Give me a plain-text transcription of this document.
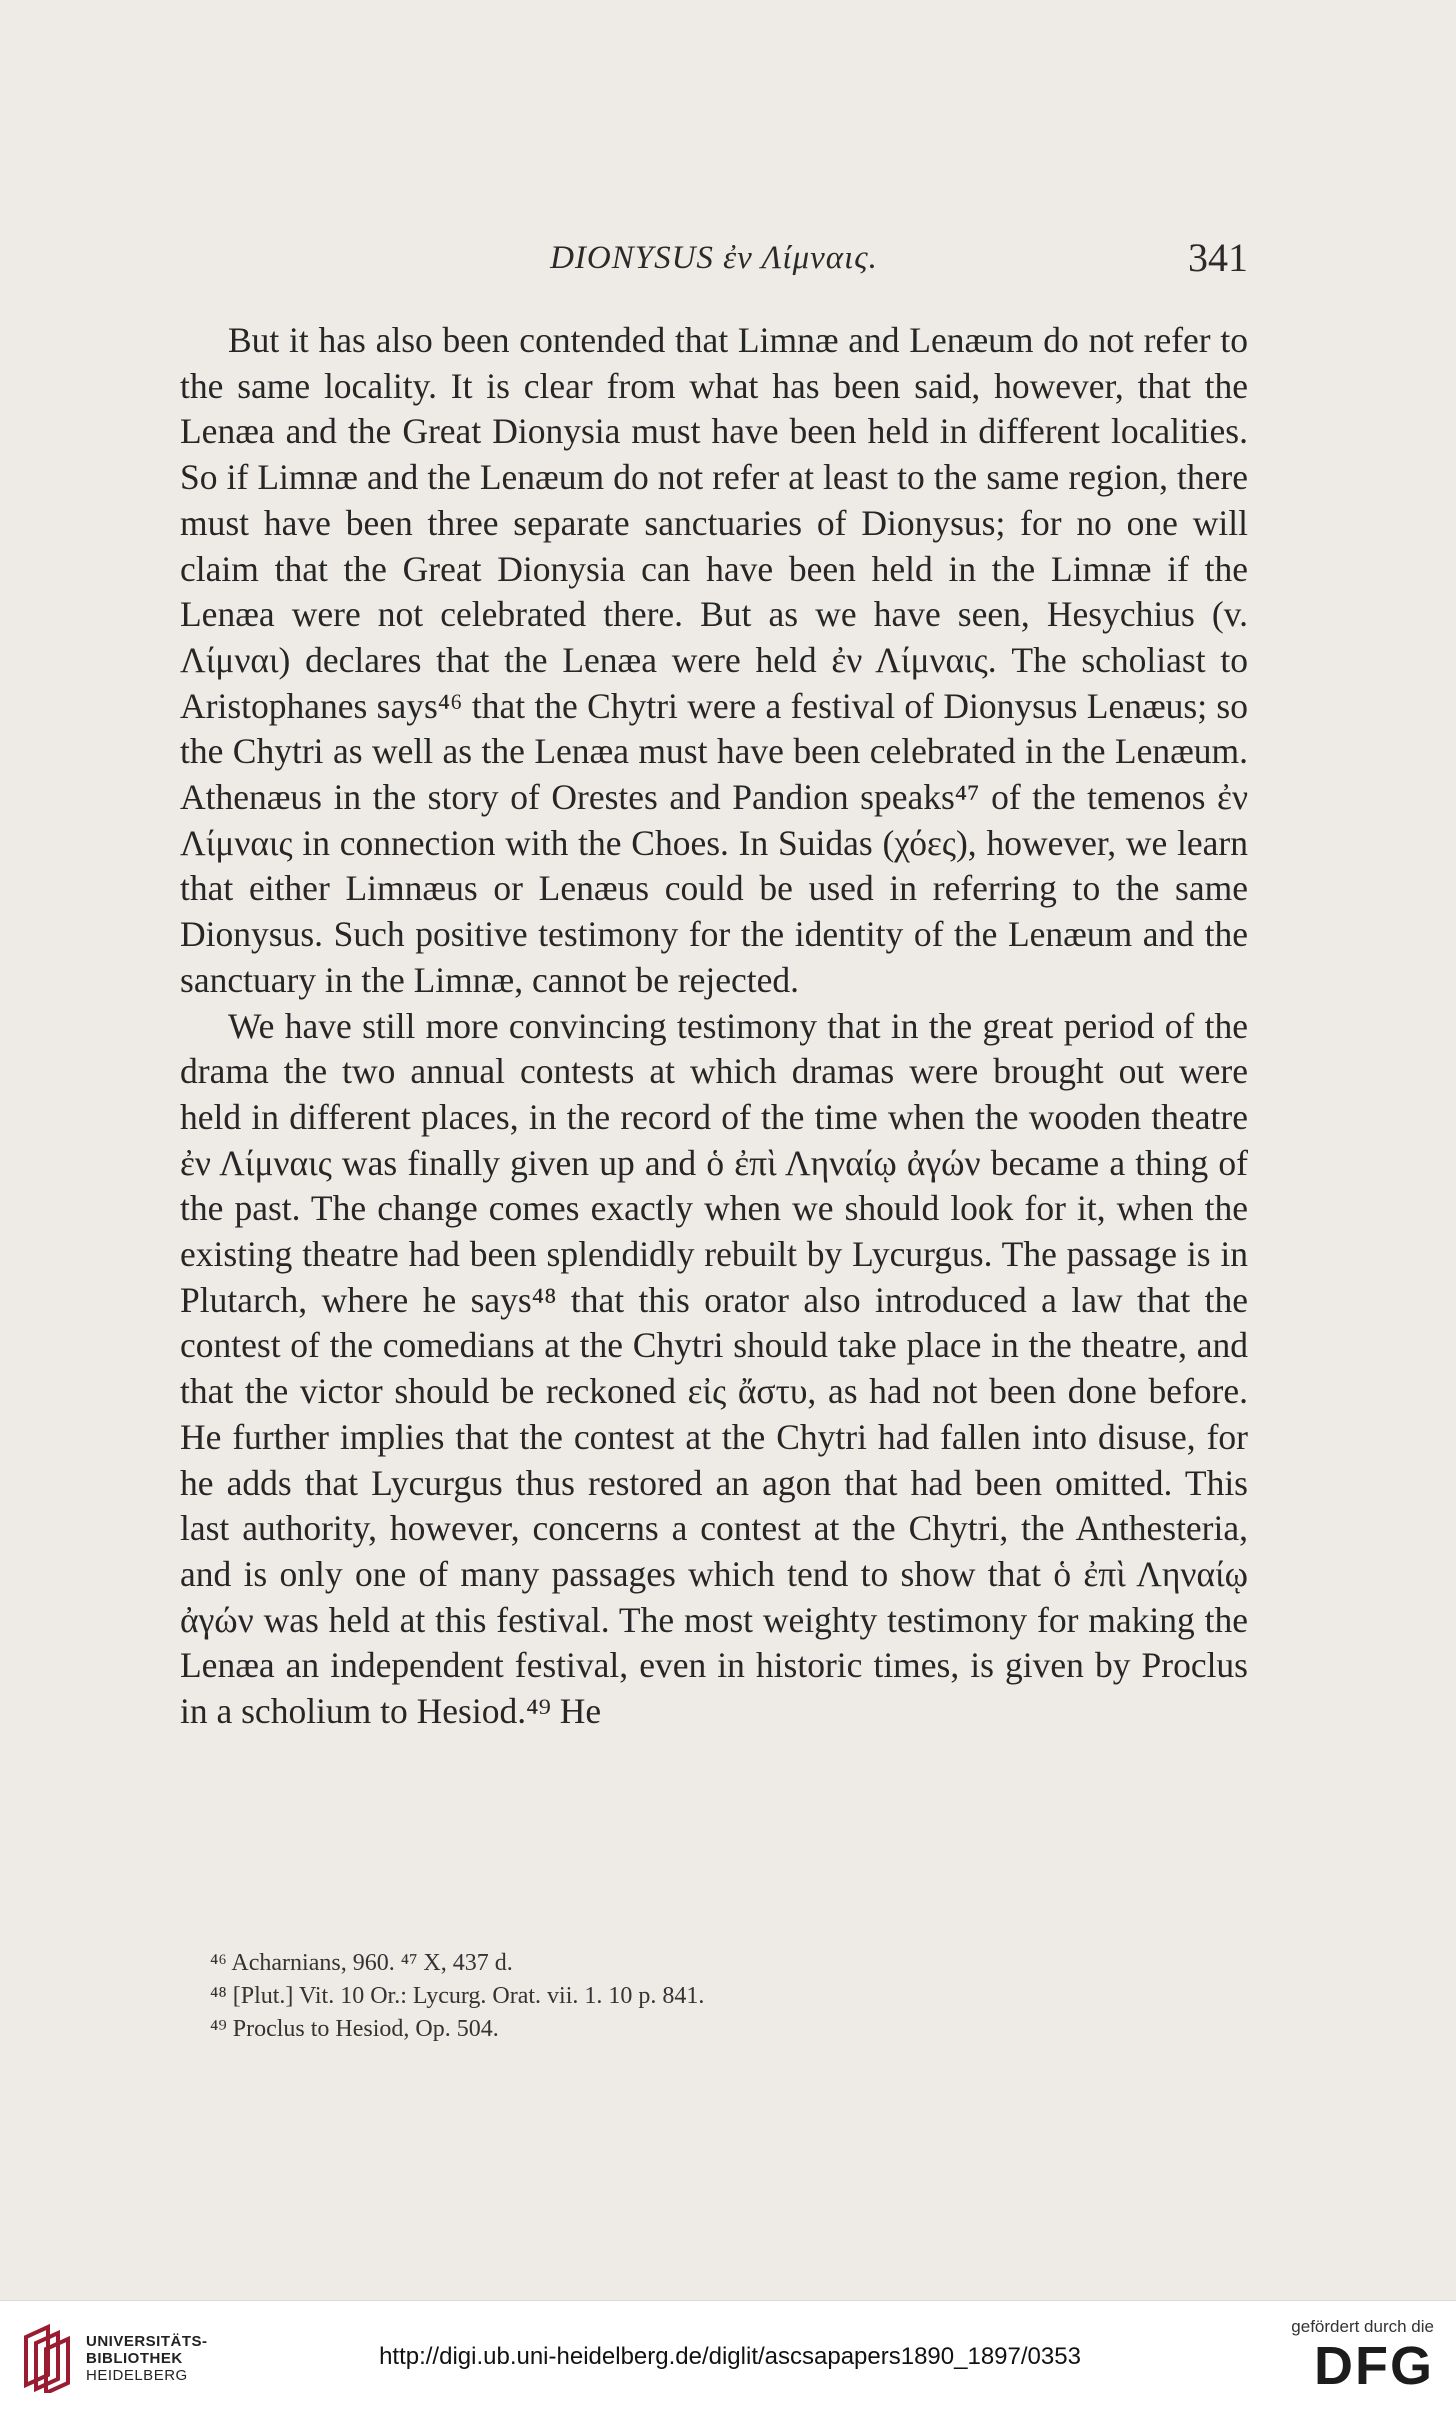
DIONYSUS ἐν Λίμναις.	341

But it has also been contended that Limnæ and Lenæum do not refer to the same locality. It is clear from what has been said, however, that the Lenæa and the Great Dionysia must have been held in different localities. So if Limnæ and the Lenæum do not refer at least to the same region, there must have been three separate sanctuaries of Dionysus; for no one will claim that the Great Dionysia can have been held in the Limnæ if the Lenæa were not celebrated there. But as we have seen, Hesychius (v. Λίμναι) declares that the Lenæa were held ἐν Λίμναις. The scholiast to Aristophanes says⁴⁶ that the Chytri were a festival of Dionysus Lenæus; so the Chytri as well as the Lenæa must have been celebrated in the Lenæum. Athenæus in the story of Orestes and Pandion speaks⁴⁷ of the temenos ἐν Λίμναις in connection with the Choes. In Suidas (χόες), however, we learn that either Limnæus or Lenæus could be used in referring to the same Dionysus. Such positive testimony for the identity of the Lenæum and the sanctuary in the Limnæ, cannot be rejected.

We have still more convincing testimony that in the great period of the drama the two annual contests at which dramas were brought out were held in different places, in the record of the time when the wooden theatre ἐν Λίμναις was finally given up and ὁ ἐπὶ Ληναίῳ ἀγών became a thing of the past. The change comes exactly when we should look for it, when the existing theatre had been splendidly rebuilt by Lycurgus. The passage is in Plutarch, where he says⁴⁸ that this orator also introduced a law that the contest of the comedians at the Chytri should take place in the theatre, and that the victor should be reckoned εἰς ἄστυ, as had not been done before. He further implies that the contest at the Chytri had fallen into disuse, for he adds that Lycurgus thus restored an agon that had been omitted. This last authority, however, concerns a contest at the Chytri, the Anthesteria, and is only one of many passages which tend to show that ὁ ἐπὶ Ληναίῳ ἀγών was held at this festival. The most weighty testimony for making the Lenæa an independent festival, even in historic times, is given by Proclus in a scholium to Hesiod.⁴⁹ He

⁴⁶ Acharnians, 960. ⁴⁷ X, 437 d.
⁴⁸ [Plut.] Vit. 10 Or.: Lycurg. Orat. vii. 1. 10 p. 841.
⁴⁹ Proclus to Hesiod, Op. 504.
UNIVERSITÄTS-
BIBLIOTHEK
HEIDELBERG
http://digi.ub.uni-heidelberg.de/diglit/ascsapapers1890_1897/0353
gefördert durch die
DFG
